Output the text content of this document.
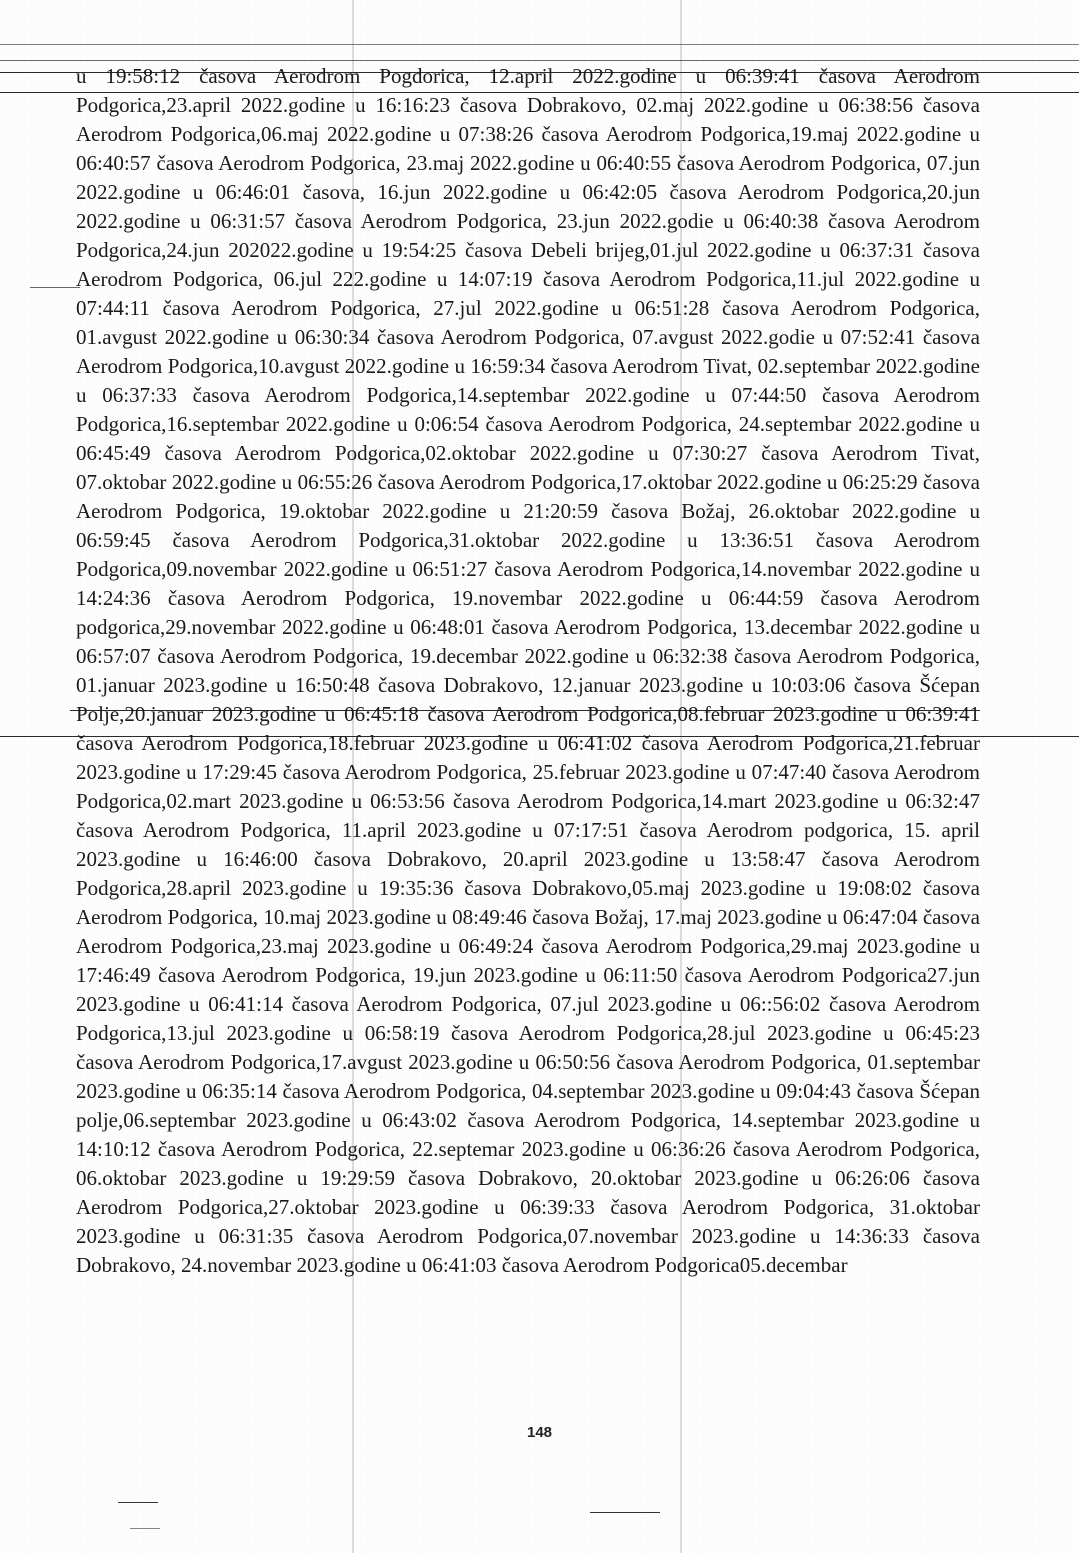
u 19:58:12 časova Aerodrom Pogdorica, 12.april 2022.godine u 06:39:41 časova Aerodrom Podgorica,23.april 2022.godine u 16:16:23 časova Dobrakovo, 02.maj 2022.godine u 06:38:56 časova Aerodrom Podgorica,06.maj 2022.godine u 07:38:26 časova Aerodrom Podgorica,19.maj 2022.godine u 06:40:57 časova Aerodrom Podgorica, 23.maj 2022.godine u 06:40:55 časova Aerodrom Podgorica, 07.jun 2022.godine u 06:46:01 časova, 16.jun 2022.godine u 06:42:05 časova Aerodrom Podgorica,20.jun 2022.godine u 06:31:57 časova Aerodrom Podgorica, 23.jun 2022.godie u 06:40:38 časova Aerodrom Podgorica,24.jun 202022.godine u 19:54:25 časova Debeli brijeg,01.jul 2022.godine u 06:37:31 časova Aerodrom Podgorica, 06.jul 222.godine u 14:07:19 časova Aerodrom Podgorica,11.jul 2022.godine u 07:44:11 časova Aerodrom Podgorica, 27.jul 2022.godine u 06:51:28 časova Aerodrom Podgorica, 01.avgust 2022.godine u 06:30:34 časova Aerodrom Podgorica, 07.avgust 2022.godie u 07:52:41 časova Aerodrom Podgorica,10.avgust 2022.godine u 16:59:34 časova Aerodrom Tivat, 02.septembar 2022.godine u 06:37:33 časova Aerodrom Podgorica,14.septembar 2022.godine u 07:44:50 časova Aerodrom Podgorica,16.septembar 2022.godine u 0:06:54 časova Aerodrom Podgorica, 24.septembar 2022.godine u 06:45:49 časova Aerodrom Podgorica,02.oktobar 2022.godine u 07:30:27 časova Aerodrom Tivat, 07.oktobar 2022.godine u 06:55:26 časova Aerodrom Podgorica,17.oktobar 2022.godine u 06:25:29 časova Aerodrom Podgorica, 19.oktobar 2022.godine u 21:20:59 časova Božaj, 26.oktobar 2022.godine u 06:59:45 časova Aerodrom Podgorica,31.oktobar 2022.godine u 13:36:51 časova Aerodrom Podgorica,09.novembar 2022.godine u 06:51:27 časova Aerodrom Podgorica,14.novembar 2022.godine u 14:24:36 časova Aerodrom Podgorica, 19.novembar 2022.godine u 06:44:59 časova Aerodrom podgorica,29.novembar 2022.godine u 06:48:01 časova Aerodrom Podgorica, 13.decembar 2022.godine u 06:57:07 časova Aerodrom Podgorica, 19.decembar 2022.godine u 06:32:38 časova Aerodrom Podgorica, 01.januar 2023.godine u 16:50:48 časova Dobrakovo, 12.januar 2023.godine u 10:03:06 časova Šćepan Polje,20.januar 2023.godine u 06:45:18 časova Aerodrom Podgorica,08.februar 2023.godine u 06:39:41 časova Aerodrom Podgorica,18.februar 2023.godine u 06:41:02 časova Aerodrom Podgorica,21.februar 2023.godine u 17:29:45 časova Aerodrom Podgorica, 25.februar 2023.godine u 07:47:40 časova Aerodrom Podgorica,02.mart 2023.godine u 06:53:56 časova Aerodrom Podgorica,14.mart 2023.godine u 06:32:47 časova Aerodrom Podgorica, 11.april 2023.godine u 07:17:51 časova Aerodrom podgorica, 15. april 2023.godine u 16:46:00 časova Dobrakovo, 20.april 2023.godine u 13:58:47 časova Aerodrom Podgorica,28.april 2023.godine u 19:35:36 časova Dobrakovo,05.maj 2023.godine u 19:08:02 časova Aerodrom Podgorica, 10.maj 2023.godine u 08:49:46 časova Božaj, 17.maj 2023.godine u 06:47:04 časova Aerodrom Podgorica,23.maj 2023.godine u 06:49:24 časova Aerodrom Podgorica,29.maj 2023.godine u 17:46:49 časova Aerodrom Podgorica, 19.jun 2023.godine u 06:11:50 časova Aerodrom Podgorica27.jun 2023.godine u 06:41:14 časova Aerodrom Podgorica, 07.jul 2023.godine u 06::56:02 časova Aerodrom Podgorica,13.jul 2023.godine u 06:58:19 časova Aerodrom Podgorica,28.jul 2023.godine u 06:45:23 časova Aerodrom Podgorica,17.avgust 2023.godine u 06:50:56 časova Aerodrom Podgorica, 01.septembar 2023.godine u 06:35:14 časova Aerodrom Podgorica, 04.septembar 2023.godine u 09:04:43 časova Šćepan polje,06.septembar 2023.godine u 06:43:02 časova Aerodrom Podgorica, 14.septembar 2023.godine u 14:10:12 časova Aerodrom Podgorica, 22.septemar 2023.godine u 06:36:26 časova Aerodrom Podgorica, 06.oktobar 2023.godine u 19:29:59 časova Dobrakovo, 20.oktobar 2023.godine u 06:26:06 časova Aerodrom Podgorica,27.oktobar 2023.godine u 06:39:33 časova Aerodrom Podgorica, 31.oktobar 2023.godine u 06:31:35 časova Aerodrom Podgorica,07.novembar 2023.godine u 14:36:33 časova Dobrakovo, 24.novembar 2023.godine u 06:41:03 časova Aerodrom Podgorica05.decembar

148
